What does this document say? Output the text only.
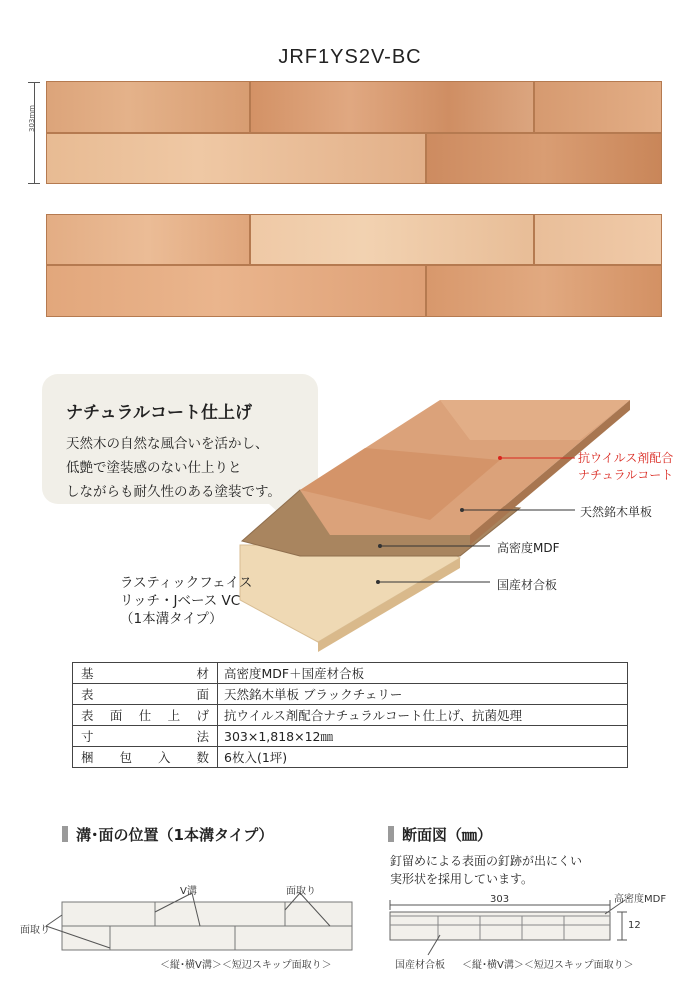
JRF1YS2V-BC
303mm
ナチュラルコート仕上げ
天然木の自然な風合いを活かし、
低艶で塗装感のない仕上りと
しながらも耐久性のある塗装です。
抗ウイルス剤配合
ナチュラルコート
天然銘木単板
高密度MDF
国産材合板
ラスティックフェイス
リッチ・Jベース VC
（1本溝タイプ）
基材	高密度MDF＋国産材合板
表面	天然銘木単板 ブラックチェリー
表面仕上げ	抗ウイルス剤配合ナチュラルコート仕上げ、抗菌処理
寸法	303×1,818×12㎜
梱包入数	6枚入(1坪)
溝･面の位置（1本溝タイプ）
V溝	面取り
面取り
＜縦･横V溝＞＜短辺スキップ面取り＞
断面図（㎜）
釘留めによる表面の釘跡が出にくい
実形状を採用しています。
303
12
高密度MDF
国産材合板 ＜縦･横V溝＞＜短辺スキップ面取り＞
